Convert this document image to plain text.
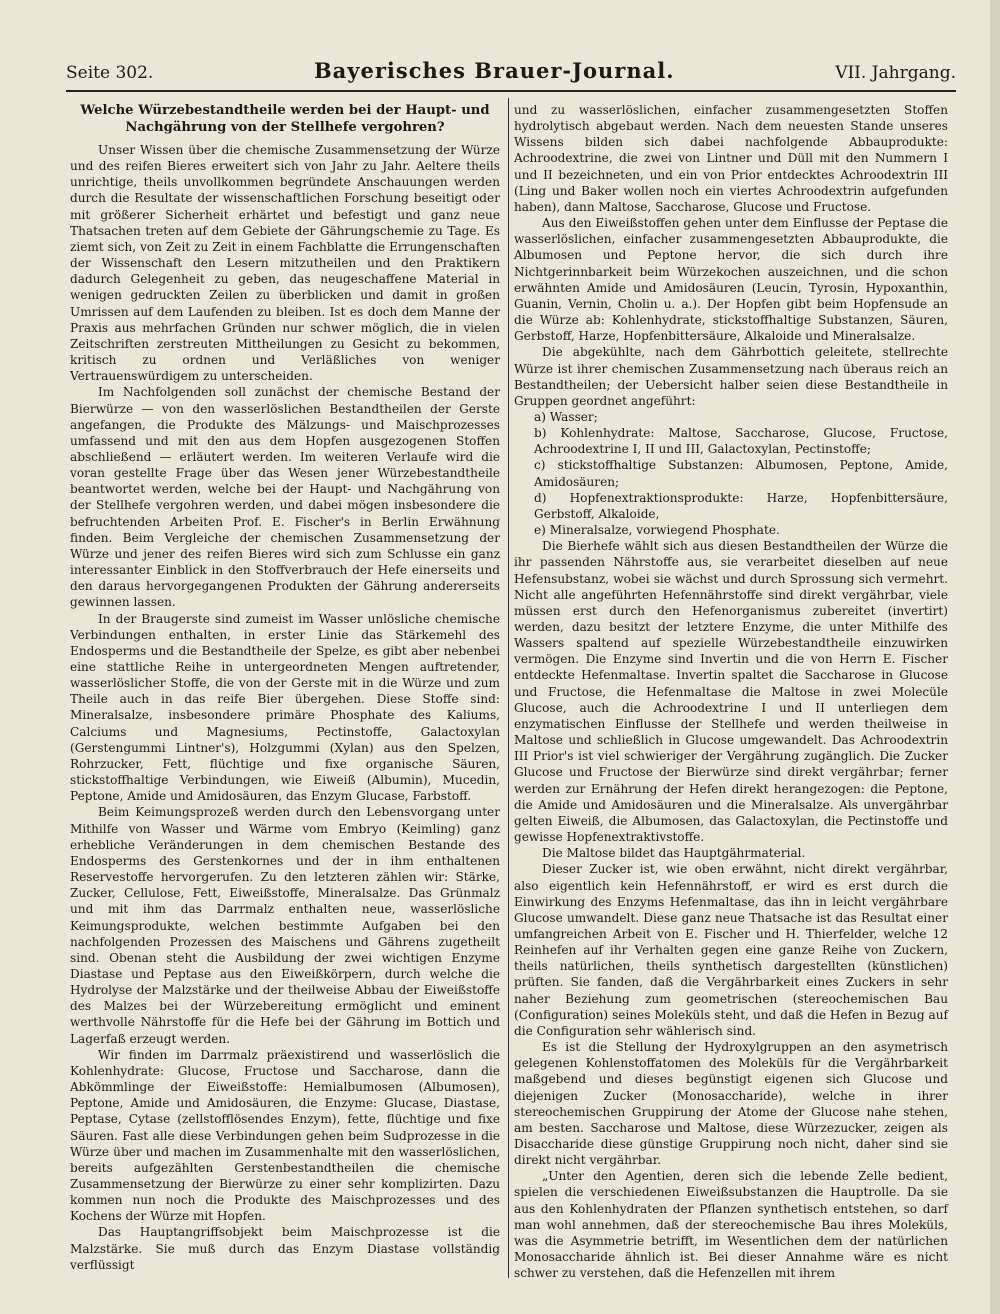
Seite 302.	Bayerisches Brauer-Journal.	VII. Jahrgang.
Welche Würzebestandtheile werden bei der Haupt- und Nachgährung von der Stellhefe vergohren?

Unser Wissen über die chemische Zusammensetzung der Würze und des reifen Bieres erweitert sich von Jahr zu Jahr. Aeltere theils unrichtige, theils unvollkommen begründete Anschauungen werden durch die Resultate der wissenschaftlichen Forschung beseitigt oder mit größerer Sicherheit erhärtet und befestigt und ganz neue Thatsachen treten auf dem Gebiete der Gährungschemie zu Tage. Es ziemt sich, von Zeit zu Zeit in einem Fachblatte die Errungenschaften der Wissenschaft den Lesern mitzutheilen und den Praktikern dadurch Gelegenheit zu geben, das neugeschaffene Material in wenigen gedruckten Zeilen zu überblicken und damit in großen Umrissen auf dem Laufenden zu bleiben. Ist es doch dem Manne der Praxis aus mehrfachen Gründen nur schwer möglich, die in vielen Zeitschriften zerstreuten Mittheilungen zu Gesicht zu bekommen, kritisch zu ordnen und Verläßliches von weniger Vertrauenswürdigem zu unterscheiden.

Im Nachfolgenden soll zunächst der chemische Bestand der Bierwürze — von den wasserlöslichen Bestandtheilen der Gerste angefangen, die Produkte des Mälzungs- und Maischprozesses umfassend und mit den aus dem Hopfen ausgezogenen Stoffen abschließend — erläutert werden. Im weiteren Verlaufe wird die voran gestellte Frage über das Wesen jener Würzebestandtheile beantwortet werden, welche bei der Haupt- und Nachgährung von der Stellhefe vergohren werden, und dabei mögen insbesondere die befruchtenden Arbeiten Prof. E. Fischer's in Berlin Erwähnung finden. Beim Vergleiche der chemischen Zusammensetzung der Würze und jener des reifen Bieres wird sich zum Schlusse ein ganz interessanter Einblick in den Stoffverbrauch der Hefe einerseits und den daraus hervorgegangenen Produkten der Gährung andererseits gewinnen lassen.

In der Braugerste sind zumeist im Wasser unlösliche chemische Verbindungen enthalten, in erster Linie das Stärkemehl des Endosperms und die Bestandtheile der Spelze, es gibt aber nebenbei eine stattliche Reihe in untergeordneten Mengen auftretender, wasserlöslicher Stoffe, die von der Gerste mit in die Würze und zum Theile auch in das reife Bier übergehen. Diese Stoffe sind: Mineralsalze, insbesondere primäre Phosphate des Kaliums, Calciums und Magnesiums, Pectinstoffe, Galactoxylan (Gerstengummi Lintner's), Holzgummi (Xylan) aus den Spelzen, Rohrzucker, Fett, flüchtige und fixe organische Säuren, stickstoffhaltige Verbindungen, wie Eiweiß (Albumin), Mucedin, Peptone, Amide und Amidosäuren, das Enzym Glucase, Farbstoff.

Beim Keimungsprozeß werden durch den Lebensvorgang unter Mithilfe von Wasser und Wärme vom Embryo (Keimling) ganz erhebliche Veränderungen in dem chemischen Bestande des Endosperms des Gerstenkornes und der in ihm enthaltenen Reservestoffe hervorgerufen. Zu den letzteren zählen wir: Stärke, Zucker, Cellulose, Fett, Eiweißstoffe, Mineralsalze. Das Grünmalz und mit ihm das Darrmalz enthalten neue, wasserlösliche Keimungsprodukte, welchen bestimmte Aufgaben bei den nachfolgenden Prozessen des Maischens und Gährens zugetheilt sind. Obenan steht die Ausbildung der zwei wichtigen Enzyme Diastase und Peptase aus den Eiweißkörpern, durch welche die Hydrolyse der Malzstärke und der theilweise Abbau der Eiweißstoffe des Malzes bei der Würzebereitung ermöglicht und eminent werthvolle Nährstoffe für die Hefe bei der Gährung im Bottich und Lagerfaß erzeugt werden.

Wir finden im Darrmalz präexistirend und wasserlöslich die Kohlenhydrate: Glucose, Fructose und Saccharose, dann die Abkömmlinge der Eiweißstoffe: Hemialbumosen (Albumosen), Peptone, Amide und Amidosäuren, die Enzyme: Glucase, Diastase, Peptase, Cytase (zellstofflösendes Enzym), fette, flüchtige und fixe Säuren. Fast alle diese Verbindungen gehen beim Sudprozesse in die Würze über und machen im Zusammenhalte mit den wasserlöslichen, bereits aufgezählten Gerstenbestandtheilen die chemische Zusammensetzung der Bierwürze zu einer sehr komplizirten. Dazu kommen nun noch die Produkte des Maischprozesses und des Kochens der Würze mit Hopfen.

Das Hauptangriffsobjekt beim Maischprozesse ist die Malzstärke. Sie muß durch das Enzym Diastase vollständig verflüssigt

und zu wasserlöslichen, einfacher zusammengesetzten Stoffen hydrolytisch abgebaut werden. Nach dem neuesten Stande unseres Wissens bilden sich dabei nachfolgende Abbauprodukte: Achroodextrine, die zwei von Lintner und Düll mit den Nummern I und II bezeichneten, und ein von Prior entdecktes Achroodextrin III (Ling und Baker wollen noch ein viertes Achroodextrin aufgefunden haben), dann Maltose, Saccharose, Glucose und Fructose.

Aus den Eiweißstoffen gehen unter dem Einflusse der Peptase die wasserlöslichen, einfacher zusammengesetzten Abbauprodukte, die Albumosen und Peptone hervor, die sich durch ihre Nichtgerinnbarkeit beim Würzekochen auszeichnen, und die schon erwähnten Amide und Amidosäuren (Leucin, Tyrosin, Hypoxanthin, Guanin, Vernin, Cholin u. a.). Der Hopfen gibt beim Hopfensude an die Würze ab: Kohlenhydrate, stickstoffhaltige Substanzen, Säuren, Gerbstoff, Harze, Hopfenbittersäure, Alkaloide und Mineralsalze.

Die abgekühlte, nach dem Gährbottich geleitete, stellrechte Würze ist ihrer chemischen Zusammensetzung nach überaus reich an Bestandtheilen; der Uebersicht halber seien diese Bestandtheile in Gruppen geordnet angeführt:

a) Wasser;
b) Kohlenhydrate: Maltose, Saccharose, Glucose, Fructose, Achroodextrine I, II und III, Galactoxylan, Pectinstoffe;
c) stickstoffhaltige Substanzen: Albumosen, Peptone, Amide, Amidosäuren;
d) Hopfenextraktionsprodukte: Harze, Hopfenbittersäure, Gerbstoff, Alkaloide,
e) Mineralsalze, vorwiegend Phosphate.

Die Bierhefe wählt sich aus diesen Bestandtheilen der Würze die ihr passenden Nährstoffe aus, sie verarbeitet dieselben auf neue Hefensubstanz, wobei sie wächst und durch Sprossung sich vermehrt. Nicht alle angeführten Hefennährstoffe sind direkt vergährbar, viele müssen erst durch den Hefenorganismus zubereitet (invertirt) werden, dazu besitzt der letztere Enzyme, die unter Mithilfe des Wassers spaltend auf spezielle Würzebestandtheile einzuwirken vermögen. Die Enzyme sind Invertin und die von Herrn E. Fischer entdeckte Hefenmaltase. Invertin spaltet die Saccharose in Glucose und Fructose, die Hefenmaltase die Maltose in zwei Molecüle Glucose, auch die Achroodextrine I und II unterliegen dem enzymatischen Einflusse der Stellhefe und werden theilweise in Maltose und schließlich in Glucose umgewandelt. Das Achroodextrin III Prior's ist viel schwieriger der Vergährung zugänglich. Die Zucker Glucose und Fructose der Bierwürze sind direkt vergährbar; ferner werden zur Ernährung der Hefen direkt herangezogen: die Peptone, die Amide und Amidosäuren und die Mineralsalze. Als unvergährbar gelten Eiweiß, die Albumosen, das Galactoxylan, die Pectinstoffe und gewisse Hopfenextraktivstoffe.

Die Maltose bildet das Hauptgährmaterial.

Dieser Zucker ist, wie oben erwähnt, nicht direkt vergährbar, also eigentlich kein Hefennährstoff, er wird es erst durch die Einwirkung des Enzyms Hefenmaltase, das ihn in leicht vergährbare Glucose umwandelt. Diese ganz neue Thatsache ist das Resultat einer umfangreichen Arbeit von E. Fischer und H. Thierfelder, welche 12 Reinhefen auf ihr Verhalten gegen eine ganze Reihe von Zuckern, theils natürlichen, theils synthetisch dargestellten (künstlichen) prüften. Sie fanden, daß die Vergährbarkeit eines Zuckers in sehr naher Beziehung zum geometrischen (stereochemischen Bau (Configuration) seines Moleküls steht, und daß die Hefen in Bezug auf die Configuration sehr wählerisch sind.

Es ist die Stellung der Hydroxylgruppen an den asymetrisch gelegenen Kohlenstoffatomen des Moleküls für die Vergährbarkeit maßgebend und dieses begünstigt eigenen sich Glucose und diejenigen Zucker (Monosaccharide), welche in ihrer stereochemischen Gruppirung der Atome der Glucose nahe stehen, am besten. Saccharose und Maltose, diese Würzezucker, zeigen als Disaccharide diese günstige Gruppirung noch nicht, daher sind sie direkt nicht vergährbar.

„Unter den Agentien, deren sich die lebende Zelle bedient, spielen die verschiedenen Eiweißsubstanzen die Hauptrolle. Da sie aus den Kohlenhydraten der Pflanzen synthetisch entstehen, so darf man wohl annehmen, daß der stereochemische Bau ihres Moleküls, was die Asymmetrie betrifft, im Wesentlichen dem der natürlichen Monosaccharide ähnlich ist. Bei dieser Annahme wäre es nicht schwer zu verstehen, daß die Hefenzellen mit ihrem
